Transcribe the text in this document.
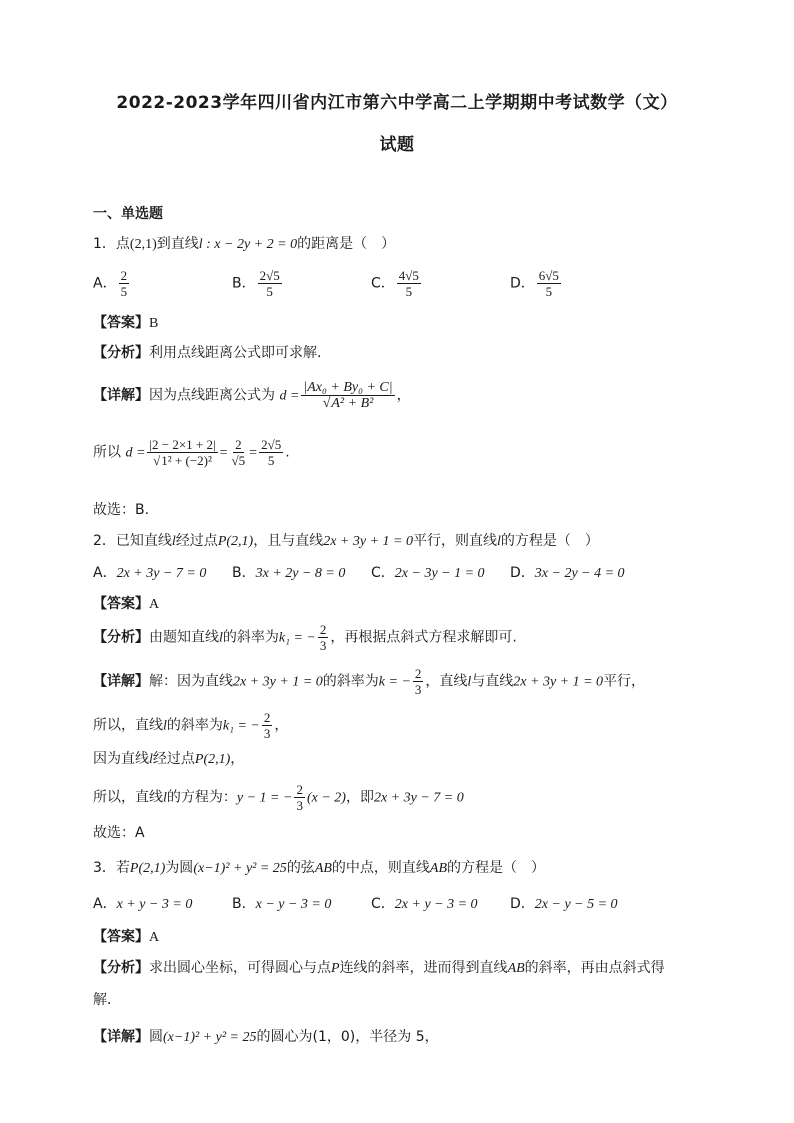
2022-2023学年四川省内江市第六中学高二上学期期中考试数学（文）
试题
一、单选题
1．点(2,1)到直线l : x − 2y + 2 = 0的距离是（　）
A． $\frac{2}{5}$	B． $\frac{2√5}{5}$	C． $\frac{4√5}{5}$	D． $\frac{6√5}{5}$
【答案】B
【分析】利用点线距离公式即可求解.
【详解】因为点线距离公式为 $d = \frac{\text{|Ax₀ + By₀ + C|}}{\text{√A² + B²}}$ ，
所以 $d = \frac{|2 - 2\times 1 + 2|}{\text{√1² + (−2)²}} = \frac{2}{√5} = \frac{2√5}{5}$ .
故选：B.
2．已知直线l经过点P(2,1)，且与直线2x + 3y + 1 = 0平行，则直线l的方程是（　）
A．2x + 3y − 7 = 0 B．3x + 2y − 8 = 0 C．2x − 3y − 1 = 0 D．3x − 2y − 4 = 0
【答案】A
【分析】由题知直线l的斜率为k₁ = − $\frac{2}{3}$ ，再根据点斜式方程求解即可.
【详解】解：因为直线2x + 3y + 1 = 0的斜率为k = − $\frac{2}{3}$ ，直线l与直线2x + 3y + 1 = 0平行，
所以，直线l的斜率为k₁ = − $\frac{2}{3}$ ，
因为直线l经过点P(2,1)，
所以，直线l的方程为：y − 1 = − $\frac{2}{3} (x - 2)$，即2x + 3y − 7 = 0
故选：A
3．若P(2,1)为圆(x−1)² + y² = 25的弦AB的中点，则直线AB的方程是（　）
A．x + y − 3 = 0	B．x − y − 3 = 0	C．2x + y − 3 = 0 D．2x − y − 5 = 0
【答案】A
【分析】求出圆心坐标，可得圆心与点P连线的斜率，进而得到直线AB的斜率，再由点斜式得
解．
【详解】圆(x−1)² + y² = 25的圆心为(1，0)，半径为 5，
